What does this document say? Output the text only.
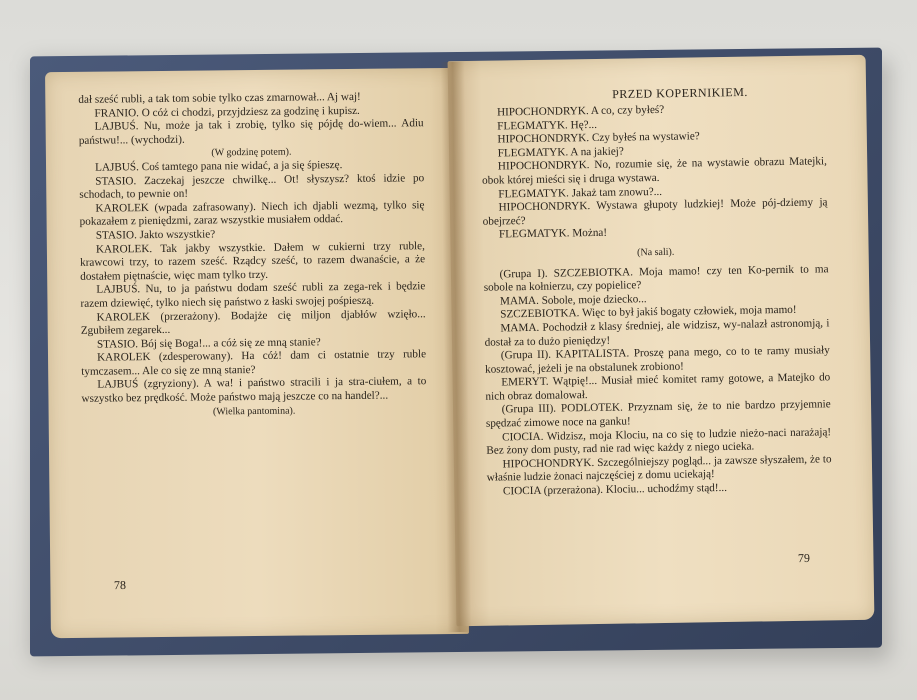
dał sześć rubli, a tak tom sobie tylko czas zmarnował... Aj waj!

FRANIO. O cóż ci chodzi, przyjdziesz za godzinę i kupisz.

LAJBUŚ. Nu, może ja tak i zrobię, tylko się pójdę do-wiem... Adiu państwu!... (wychodzi).

(W godzinę potem).

LAJBUŚ. Coś tamtego pana nie widać, a ja się śpieszę.

STASIO. Zaczekaj jeszcze chwilkę... Ot! słyszysz? ktoś idzie po schodach, to pewnie on!

KAROLEK (wpada zafrasowany). Niech ich djabli wezmą, tylko się pokazałem z pieniędzmi, zaraz wszystkie musiałem oddać.

STASIO. Jakto wszystkie?

KAROLEK. Tak jakby wszystkie. Dałem w cukierni trzy ruble, krawcowi trzy, to razem sześć. Rządcy sześć, to razem dwanaście, a że dostałem piętnaście, więc mam tylko trzy.

LAJBUŚ. Nu, to ja państwu dodam sześć rubli za zega-rek i będzie razem dziewięć, tylko niech się państwo z łaski swojej pośpieszą.

KAROLEK (przerażony). Bodajże cię miljon djabłów wzięło... Zgubiłem zegarek...

STASIO. Bój się Boga!... a cóż się ze mną stanie?

KAROLEK (zdesperowany). Ha cóż! dam ci ostatnie trzy ruble tymczasem... Ale co się ze mną stanie?

LAJBUŚ (zgryziony). A wa! i państwo stracili i ja stra-ciułem, a to wszystko bez prędkość. Może państwo mają jeszcze co na handel?...

(Wielka pantomina).

PRZED KOPERNIKIEM.

HIPOCHONDRYK. A co, czy byłeś?

FLEGMATYK. Hę?...

HIPOCHONDRYK. Czy byłeś na wystawie?

FLEGMATYK. A na jakiej?

HIPOCHONDRYK. No, rozumie się, że na wystawie obrazu Matejki, obok której mieści się i druga wystawa.

FLEGMATYK. Jakaż tam znowu?...

HIPOCHONDRYK. Wystawa głupoty ludzkiej! Może pój-dziemy ją obejrzeć?

FLEGMATYK. Można!

(Na sali).

(Grupa I). SZCZEBIOTKA. Moja mamo! czy ten Ko-pernik to ma sobole na kołnierzu, czy popielice?

MAMA. Sobole, moje dziecko...

SZCZEBIOTKA. Więc to był jakiś bogaty człowiek, moja mamo!

MAMA. Pochodził z klasy średniej, ale widzisz, wy-nalazł astronomją, i dostał za to dużo pieniędzy!

(Grupa II). KAPITALISTA. Proszę pana mego, co to te ramy musiały kosztować, jeżeli je na obstalunek zrobiono!

EMERYT. Wątpię!... Musiał mieć komitet ramy gotowe, a Matejko do nich obraz domalował.

(Grupa III). PODLOTEK. Przyznam się, że to nie bardzo przyjemnie spędzać zimowe noce na ganku!

CIOCIA. Widzisz, moja Klociu, na co się to ludzie nieżo-naci narażają! Bez żony dom pusty, rad nie rad więc każdy z niego ucieka.

HIPOCHONDRYK. Szczególniejszy pogląd... ja zawsze słyszałem, że to właśnie ludzie żonaci najczęściej z domu uciekają!

CIOCIA (przerażona). Klociu... uchodźmy stąd!...

78
79
